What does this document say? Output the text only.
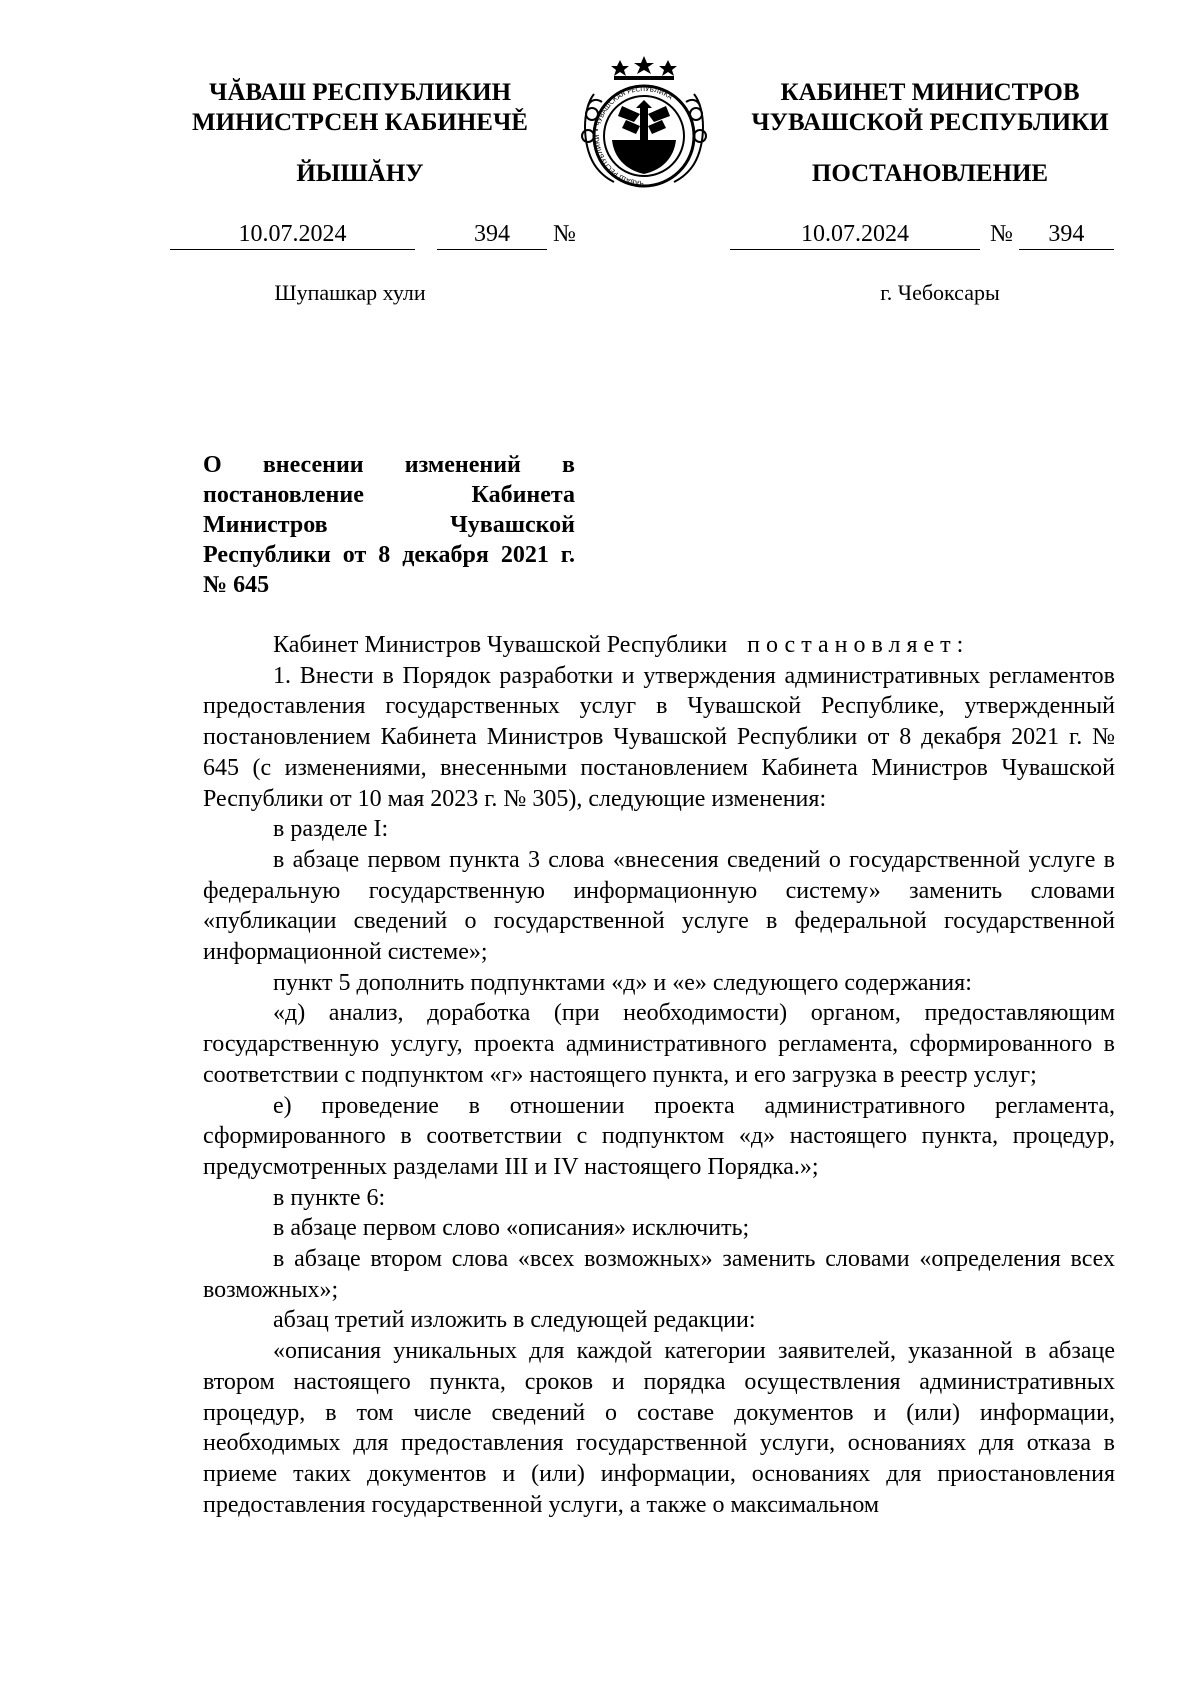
ЧĂВАШ РЕСПУБЛИКИН
МИНИСТРСЕН КАБИНЕЧĚ
ЙЫШĂНУ	ЧĂВАШ РЕСПУБЛИКИ • ЧУВАШСКАЯ РЕСПУБЛИКА	КАБИНЕТ МИНИСТРОВ
ЧУВАШСКОЙ РЕСПУБЛИКИ
ПОСТАНОВЛЕНИЕ
10.07.2024	394 №	10.07.2024	№ 394
Шупашкар хули	г. Чебоксары
О внесении изменений в постановление Кабинета Министров Чувашской Республики от 8 декабря 2021 г. № 645

Кабинет Министров Чувашской Республики постановляет:

1. Внести в Порядок разработки и утверждения административных регламентов предоставления государственных услуг в Чувашской Республике, утвержденный постановлением Кабинета Министров Чувашской Республики от 8 декабря 2021 г. № 645 (с изменениями, внесенными постановлением Кабинета Министров Чувашской Республики от 10 мая 2023 г. № 305), следующие изменения:

в разделе I:

в абзаце первом пункта 3 слова «внесения сведений о государственной услуге в федеральную государственную информационную систему» заменить словами «публикации сведений о государственной услуге в федеральной государственной информационной системе»;

пункт 5 дополнить подпунктами «д» и «е» следующего содержания:

«д) анализ, доработка (при необходимости) органом, предоставляющим государственную услугу, проекта административного регламента, сформированного в соответствии с подпунктом «г» настоящего пункта, и его загрузка в реестр услуг;

е) проведение в отношении проекта административного регламента, сформированного в соответствии с подпунктом «д» настоящего пункта, процедур, предусмотренных разделами III и IV настоящего Порядка.»;

в пункте 6:

в абзаце первом слово «описания» исключить;

в абзаце втором слова «всех возможных» заменить словами «определения всех возможных»;

абзац третий изложить в следующей редакции:

«описания уникальных для каждой категории заявителей, указанной в абзаце втором настоящего пункта, сроков и порядка осуществления административных процедур, в том числе сведений о составе документов и (или) информации, необходимых для предоставления государственной услуги, основаниях для отказа в приеме таких документов и (или) информации, основаниях для приостановления предоставления государственной услуги, а также о максимальном
